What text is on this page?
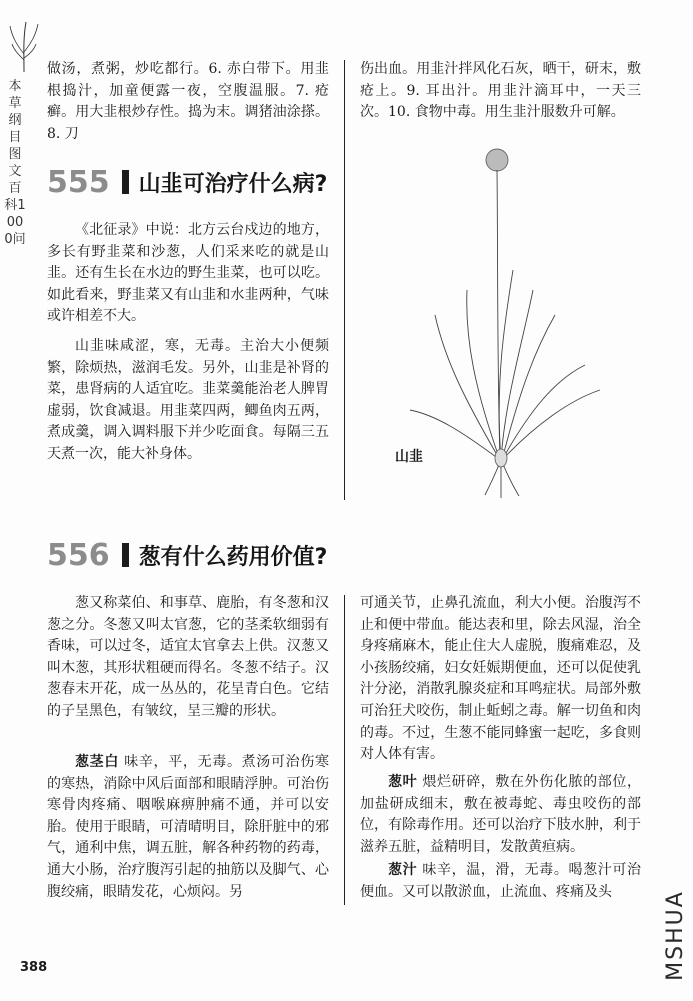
本草纲目图文百科1000问

做汤，煮粥，炒吃都行。6. 赤白带下。用韭根捣汁，加童便露一夜，空腹温服。7. 疮癣。用大韭根炒存性。捣为末。调猪油涂搽。8. 刀

伤出血。用韭汁拌风化石灰，晒干，研末，敷疮上。9. 耳出汁。用韭汁滴耳中，一天三次。10. 食物中毒。用生韭汁服数升可解。

555 山韭可治疗什么病?

《北征录》中说：北方云台戍边的地方，多长有野韭菜和沙葱，人们采来吃的就是山韭。还有生长在水边的野生韭菜，也可以吃。如此看来，野韭菜又有山韭和水韭两种，气味或许相差不大。

山韭味咸涩，寒，无毒。主治大小便频繁，除烦热，滋润毛发。另外，山韭是补肾的菜，患肾病的人适宜吃。韭菜羹能治老人脾胃虚弱，饮食减退。用韭菜四两，鲫鱼肉五两，煮成羹，调入调料服下并少吃面食。每隔三五天煮一次，能大补身体。	山韭
556 葱有什么药用价值?

葱又称菜伯、和事草、鹿胎，有冬葱和汉葱之分。冬葱又叫太官葱，它的茎柔软细弱有香味，可以过冬，适宜太官拿去上供。汉葱又叫木葱，其形状粗硬而得名。冬葱不结子。汉葱春末开花，成一丛丛的，花呈青白色。它结的子呈黑色，有皱纹，呈三瓣的形状。

葱茎白 味辛，平，无毒。煮汤可治伤寒的寒热，消除中风后面部和眼睛浮肿。可治伤寒骨肉疼痛、咽喉麻痹肿痛不通，并可以安胎。使用于眼睛，可清晴明目，除肝脏中的邪气，通利中焦，调五脏，解各种药物的药毒，通大小肠，治疗腹泻引起的抽筋以及脚气、心腹绞痛，眼睛发花，心烦闷。另

可通关节，止鼻孔流血，利大小便。治腹泻不止和便中带血。能达表和里，除去风湿，治全身疼痛麻木，能止住大人虚脱，腹痛难忍，及小孩肠绞痛，妇女妊娠期便血，还可以促使乳汁分泌，消散乳腺炎症和耳鸣症状。局部外敷可治狂犬咬伤，制止蚯蚓之毒。解一切鱼和肉的毒。不过，生葱不能同蜂蜜一起吃，多食则对人体有害。

葱叶 煨烂研碎，敷在外伤化脓的部位，加盐研成细末，敷在被毒蛇、毒虫咬伤的部位，有除毒作用。还可以治疗下肢水肿，利于滋养五脏，益精明目，发散黄疸病。

葱汁 味辛，温，滑，无毒。喝葱汁可治便血。又可以散淤血，止流血、疼痛及头

388	MSHUA
